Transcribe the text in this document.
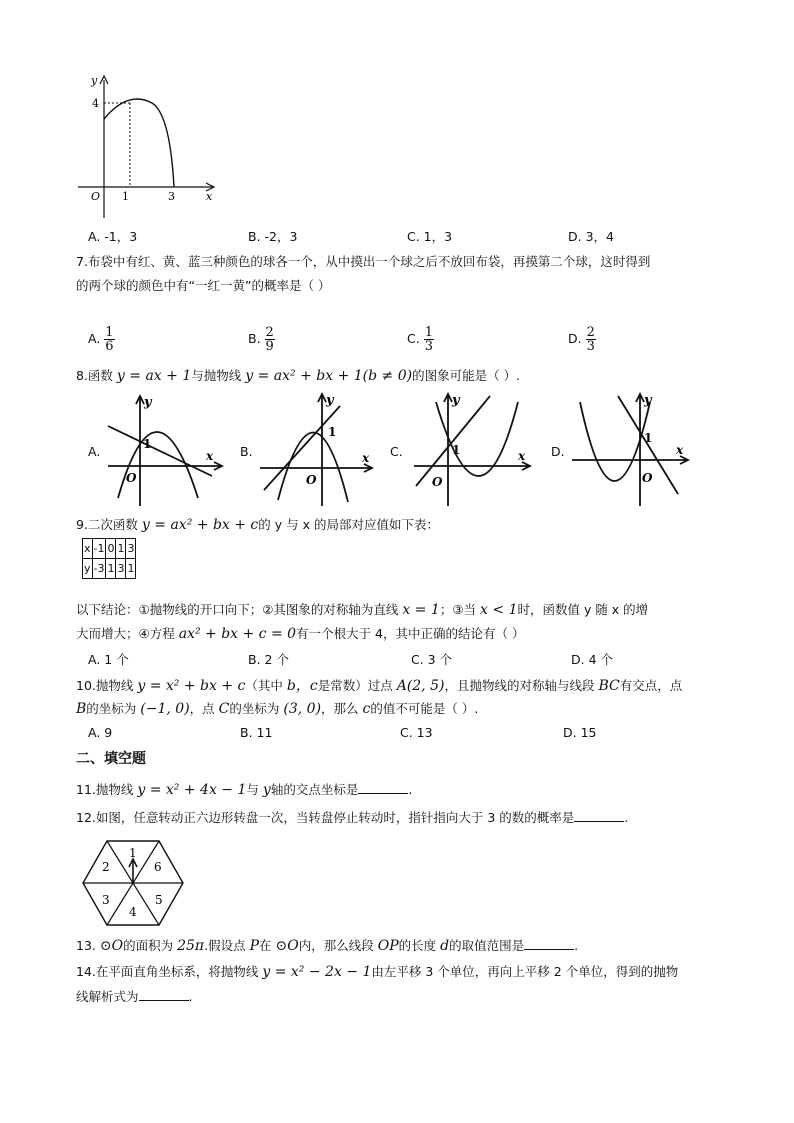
y
4
O 1	3	x
A. -1，3	B. -2，3	C. 1，3	D. 3，4
7.布袋中有红、黄、蓝三种颜色的球各一个，从中摸出一个球之后不放回布袋，再摸第二个球，这时得到
的两个球的颜色中有“一红一黄”的概率是（ ）
A. $\frac{1}{6}$	B. $\frac{2}{9}$	C. $\frac{1}{3}$	D. $\frac{2}{3}$
8.函数 y = ax + 1与抛物线 y = ax² + bx + 1(b ≠ 0)的图象可能是（ ）.
A.	B.	C.	D.
y
1
O
x
y
1
O
x
y
1
O
x
y
1
O
x
9.二次函数 y = ax² + bx + c的 y 与 x 的局部对应值如下表：
x	-1	0	1	3
y	-3	1	3	1
以下结论：①抛物线的开口向下；②其图象的对称轴为直线 x = 1；③当 x < 1时，函数值 y 随 x 的增
大而增大；④方程 ax² + bx + c = 0有一个根大于 4，其中正确的结论有（ ）
A. 1 个	B. 2 个	C. 3 个	D. 4 个
10.抛物线 y = x² + bx + c（其中 b，c是常数）过点 A(2, 5)，且抛物线的对称轴与线段 BC有交点，点
B的坐标为 (−1, 0)，点 C的坐标为 (3, 0)，那么 c的值不可能是（ ）.
A. 9	B. 11	C. 13	D. 15
二、填空题
11.抛物线 y = x² + 4x − 1与 y轴的交点坐标是	.
12.如图，任意转动正六边形转盘一次，当转盘停止转动时，指针指向大于 3 的数的概率是	.
1
2
3
4
5
6
13. ⊙O的面积为 25π.假设点 P在 ⊙O内，那么线段 OP的长度 d的取值范围是	.
14.在平面直角坐标系，将抛物线 y = x² − 2x − 1由左平移 3 个单位，再向上平移 2 个单位，得到的抛物
线解析式为	.
